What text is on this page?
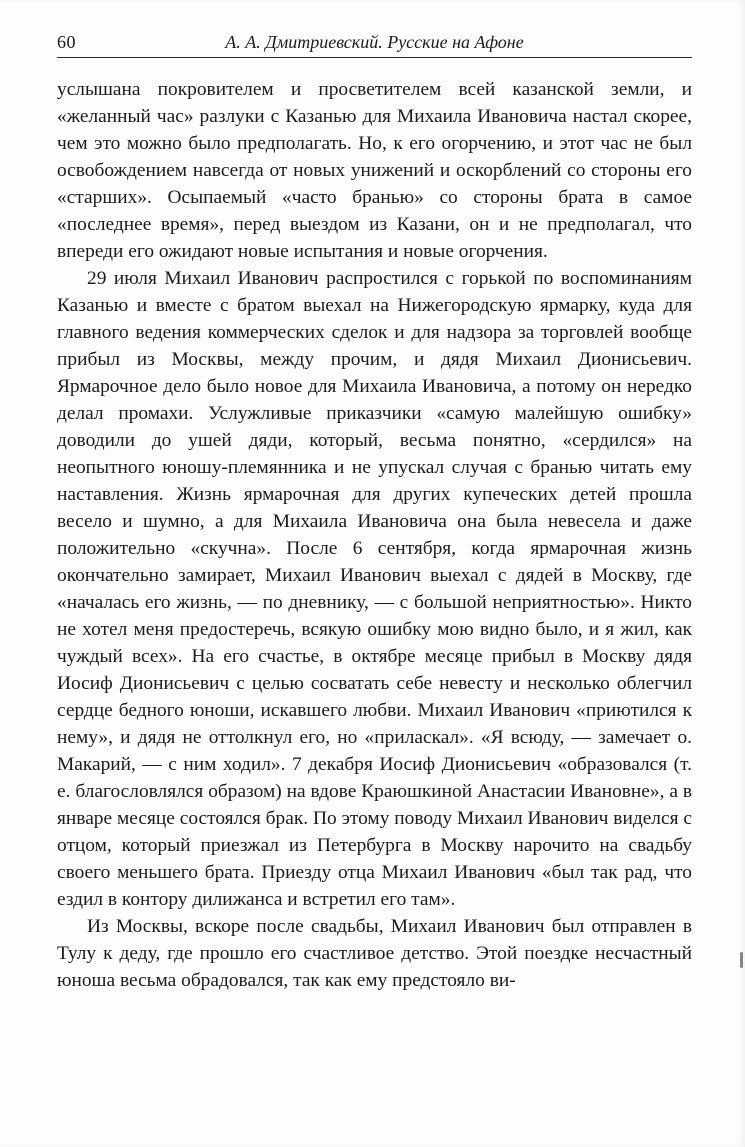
60	А. А. Дмитриевский. Русские на Афоне

услышана покровителем и просветителем всей казанской земли, и «желанный час» разлуки с Казанью для Михаила Ивановича настал скорее, чем это можно было предполагать. Но, к его огорчению, и этот час не был освобождением навсегда от новых унижений и оскорблений со стороны его «старших». Осыпаемый «часто бранью» со стороны брата в самое «последнее время», перед выездом из Казани, он и не предполагал, что впереди его ожидают новые испытания и новые огорчения.

29 июля Михаил Иванович распростился с горькой по воспоминаниям Казанью и вместе с братом выехал на Нижегородскую ярмарку, куда для главного ведения коммерческих сделок и для надзора за торговлей вообще прибыл из Москвы, между прочим, и дядя Михаил Дионисьевич. Ярмарочное дело было новое для Михаила Ивановича, а потому он нередко делал промахи. Услужливые приказчики «самую малейшую ошибку» доводили до ушей дяди, который, весьма понятно, «сердился» на неопытного юношу-племянника и не упускал случая с бранью читать ему наставления. Жизнь ярмарочная для других купеческих детей прошла весело и шумно, а для Михаила Ивановича она была невесела и даже положительно «скучна». После 6 сентября, когда ярмарочная жизнь окончательно замирает, Михаил Иванович выехал с дядей в Москву, где «началась его жизнь, — по дневнику, — с большой неприятностью». Никто не хотел меня предостеречь, всякую ошибку мою видно было, и я жил, как чуждый всех». На его счастье, в октябре месяце прибыл в Москву дядя Иосиф Дионисьевич с целью сосватать себе невесту и несколько облегчил сердце бедного юноши, искавшего любви. Михаил Иванович «приютился к нему», и дядя не оттолкнул его, но «приласкал». «Я всюду, — замечает о. Макарий, — с ним ходил». 7 декабря Иосиф Дионисьевич «образовался (т. е. благословлялся образом) на вдове Краюшкиной Анастасии Ивановне», а в январе месяце состоялся брак. По этому поводу Михаил Иванович виделся с отцом, который приезжал из Петербурга в Москву нарочито на свадьбу своего меньшего брата. Приезду отца Михаил Иванович «был так рад, что ездил в контору дилижанса и встретил его там».

Из Москвы, вскоре после свадьбы, Михаил Иванович был отправлен в Тулу к деду, где прошло его счастливое детство. Этой поездке несчастный юноша весьма обрадовался, так как ему предстояло ви-
